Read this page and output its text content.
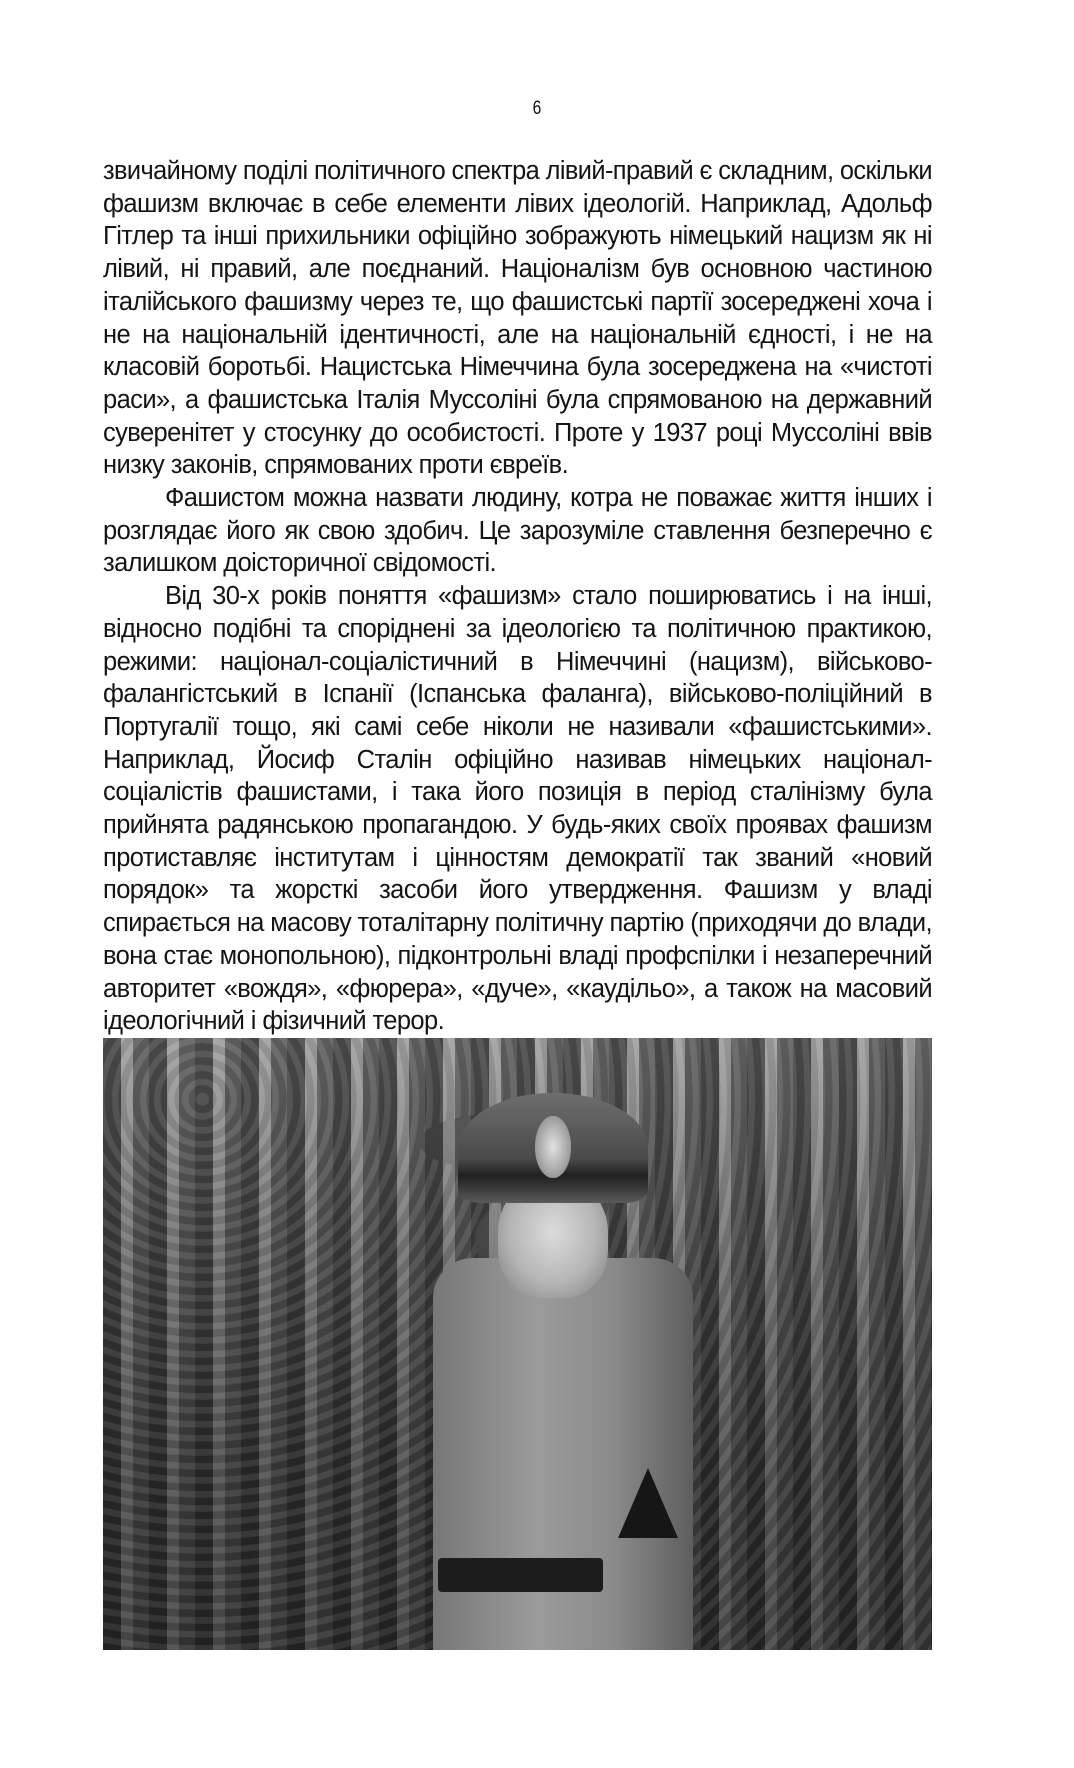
6

звичайному поділі політичного спектра лівий-правий є складним, оскільки
фашизм включає в себе елементи лівих ідеологій. Наприклад, Адольф
Гітлер та інші прихильники офіційно зображують німецький нацизм як ні
лівий, ні правий, але поєднаний. Націоналізм був основною частиною
італійського фашизму через те, що фашистські партії зосереджені хоча і
не на національній ідентичності, але на національній єдності, і не на
класовій боротьбі. Нацистська Німеччина була зосереджена на «чистоті
раси», а фашистська Італія Муссоліні була спрямованою на державний
суверенітет у стосунку до особистості. Проте у 1937 році Муссоліні ввів
низку законів, спрямованих проти євреїв.

Фашистом можна назвати людину, котра не поважає життя інших і
розглядає його як свою здобич. Це зарозуміле ставлення безперечно є
залишком доісторичної свідомості.

Від 30-х років поняття «фашизм» стало поширюватись і на інші,
відносно подібні та споріднені за ідеологією та політичною практикою,
режими: націонал-соціалістичний в Німеччині (нацизм), військово-
фалангістський в Іспанії (Іспанська фаланга), військово-поліційний в
Португалії тощо, які самі себе ніколи не називали «фашистськими».
Наприклад, Йосиф Сталін офіційно називав німецьких націонал-
соціалістів фашистами, і така його позиція в період сталінізму була
прийнята радянською пропагандою. У будь-яких своїх проявах фашизм
протиставляє інститутам і цінностям демократії так званий «новий
порядок» та жорсткі засоби його утвердження. Фашизм у владі
спирається на масову тоталітарну політичну партію (приходячи до влади,
вона стає монопольною), підконтрольні владі профспілки і незаперечний
авторитет «вождя», «фюрера», «дуче», «каудільо», а також на масовий
ідеологічний і фізичний терор.
